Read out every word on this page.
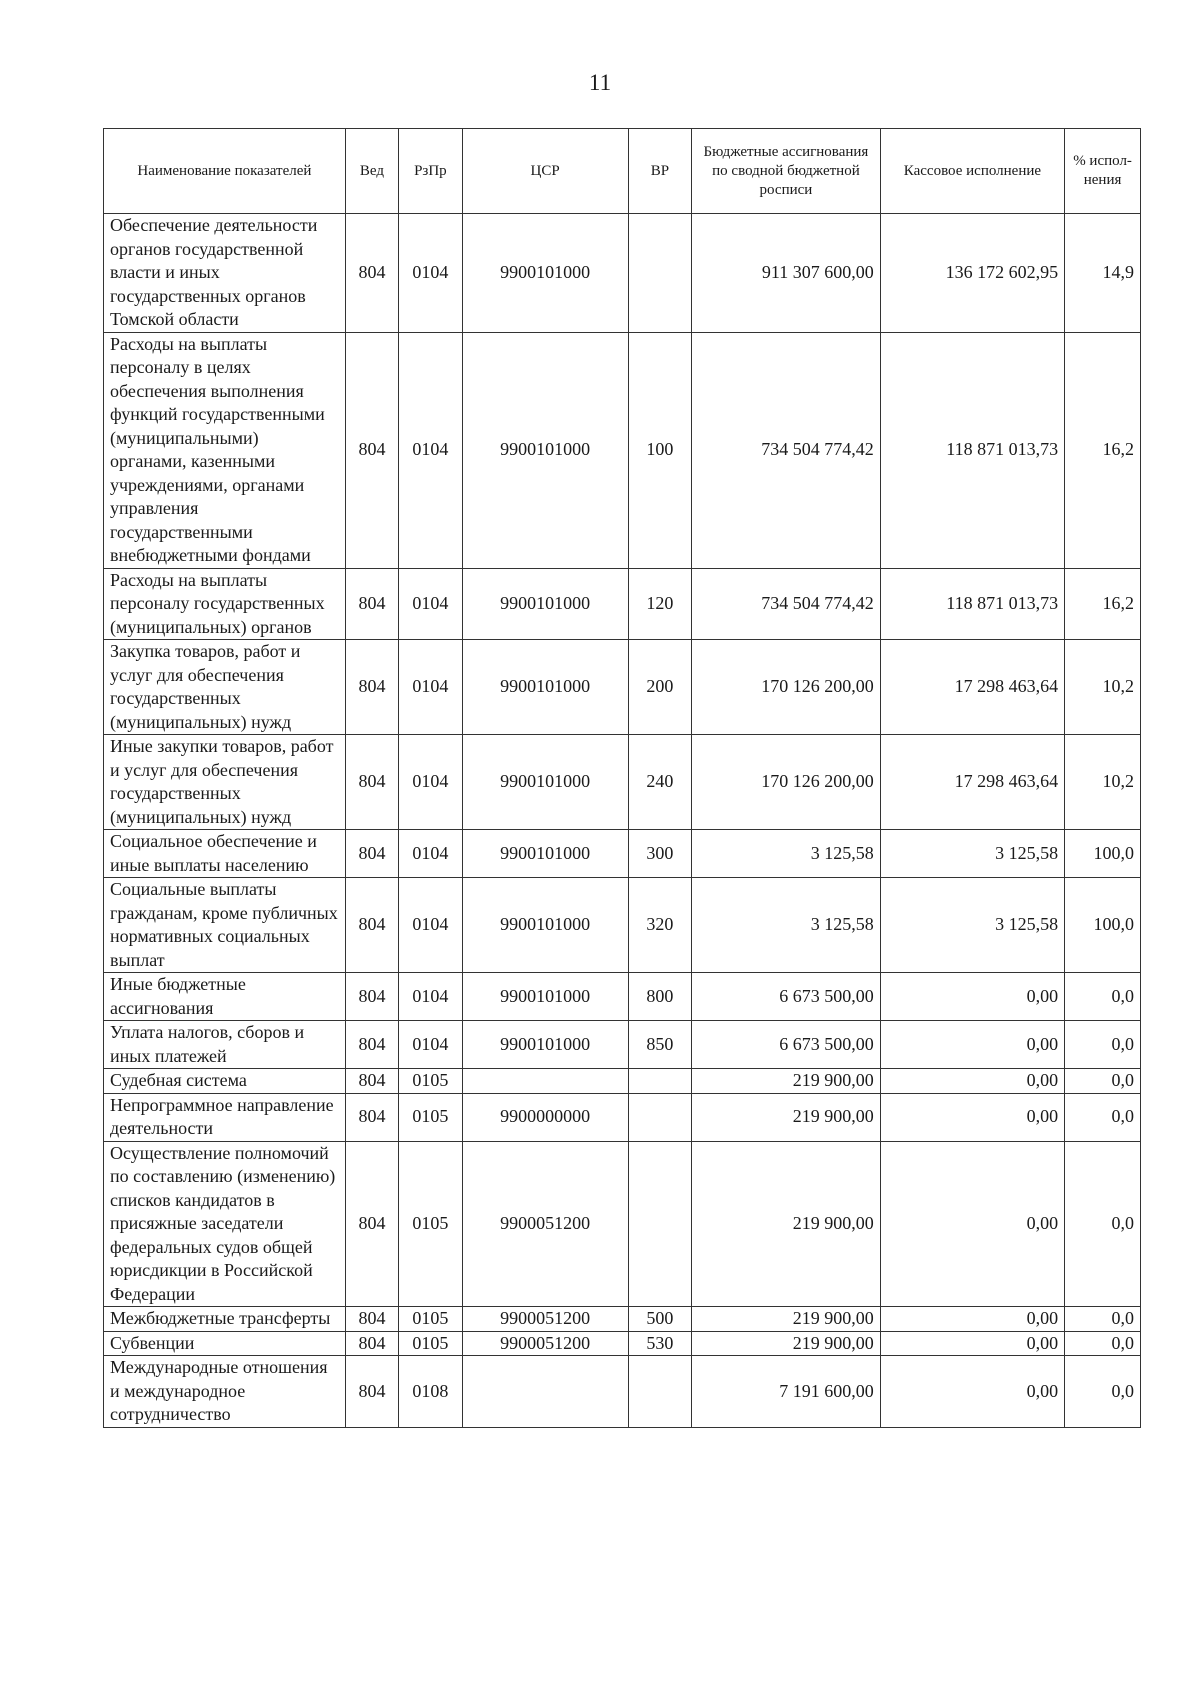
11
Наименование показателей	Вед	РзПр	ЦСР	ВР	Бюджетные ассигнования по сводной бюджетной росписи	Кассовое исполнение	% испол-нения
Обеспечение деятельности органов государственной власти и иных государственных органов Томской области	804	0104	9900101000		911 307 600,00	136 172 602,95	14,9
Расходы на выплаты персоналу в целях обеспечения выполнения функций государственными (муниципальными) органами, казенными учреждениями, органами управления государственными внебюджетными фондами	804	0104	9900101000	100	734 504 774,42	118 871 013,73	16,2
Расходы на выплаты персоналу государственных (муниципальных) органов	804	0104	9900101000	120	734 504 774,42	118 871 013,73	16,2
Закупка товаров, работ и услуг для обеспечения государственных (муниципальных) нужд	804	0104	9900101000	200	170 126 200,00	17 298 463,64	10,2
Иные закупки товаров, работ и услуг для обеспечения государственных (муниципальных) нужд	804	0104	9900101000	240	170 126 200,00	17 298 463,64	10,2
Социальное обеспечение и иные выплаты населению	804	0104	9900101000	300	3 125,58	3 125,58	100,0
Социальные выплаты гражданам, кроме публичных нормативных социальных выплат	804	0104	9900101000	320	3 125,58	3 125,58	100,0
Иные бюджетные ассигнования	804	0104	9900101000	800	6 673 500,00	0,00	0,0
Уплата налогов, сборов и иных платежей	804	0104	9900101000	850	6 673 500,00	0,00	0,0
Судебная система	804	0105			219 900,00	0,00	0,0
Непрограммное направление деятельности	804	0105	9900000000		219 900,00	0,00	0,0
Осуществление полномочий по составлению (изменению) списков кандидатов в присяжные заседатели федеральных судов общей юрисдикции в Российской Федерации	804	0105	9900051200		219 900,00	0,00	0,0
Межбюджетные трансферты	804	0105	9900051200	500	219 900,00	0,00	0,0
Субвенции	804	0105	9900051200	530	219 900,00	0,00	0,0
Международные отношения и международное сотрудничество	804	0108			7 191 600,00	0,00	0,0
